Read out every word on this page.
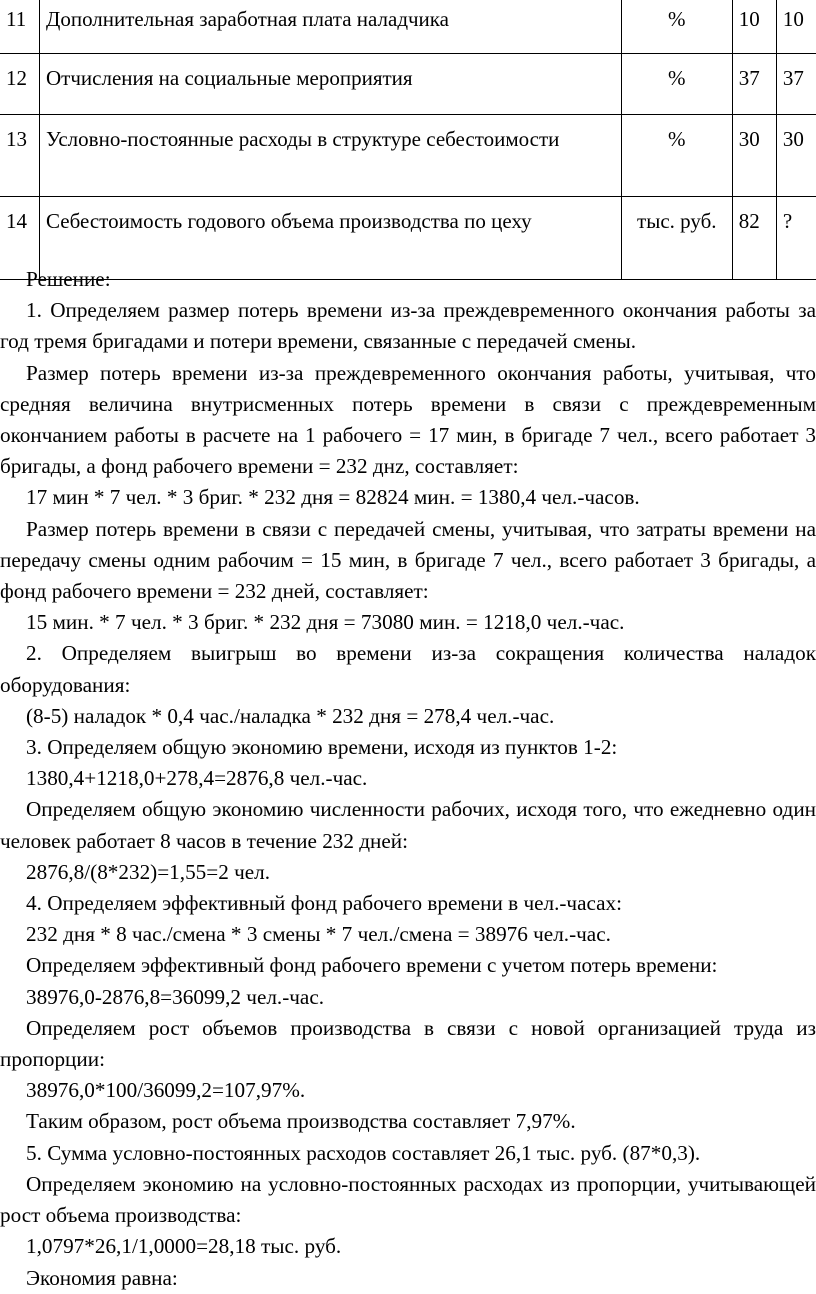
11	Дополнительная заработная плата наладчика	%	10	10
12	Отчисления на социальные мероприятия	%	37	37
13	Условно-постоянные расходы в структуре себестоимости	%	30	30
14	Себестоимость годового объема производства по цеху	тыс. руб.	82	?

Решение:

1. Определяем размер потерь времени из-за преждевременного окончания работы за год тремя бригадами и потери времени, связанные с передачей смены.

Размер потерь времени из-за преждевременного окончания работы, учитывая, что средняя величина внутрисменных потерь времени в связи с преждевременным окончанием работы в расчете на 1 рабочего = 17 мин, в бригаде 7 чел., всего работает 3 бригады, а фонд рабочего времени = 232 днz, составляет:

17 мин * 7 чел. * 3 бриг. * 232 дня = 82824 мин. = 1380,4 чел.-часов.

Размер потерь времени в связи с передачей смены, учитывая, что затраты времени на передачу смены одним рабочим = 15 мин, в бригаде 7 чел., всего работает 3 бригады, а фонд рабочего времени = 232 дней, составляет:

15 мин. * 7 чел. * 3 бриг. * 232 дня = 73080 мин. = 1218,0 чел.-час.

2. Определяем выигрыш во времени из-за сокращения количества наладок оборудования:

(8-5) наладок * 0,4 час./наладка * 232 дня = 278,4 чел.-час.

3. Определяем общую экономию времени, исходя из пунктов 1-2:

1380,4+1218,0+278,4=2876,8 чел.-час.

Определяем общую экономию численности рабочих, исходя того, что ежедневно один человек работает 8 часов в течение 232 дней:

2876,8/(8*232)=1,55=2 чел.

4. Определяем эффективный фонд рабочего времени в чел.-часах:

232 дня * 8 час./смена * 3 смены * 7 чел./смена = 38976 чел.-час.

Определяем эффективный фонд рабочего времени с учетом потерь времени:

38976,0-2876,8=36099,2 чел.-час.

Определяем рост объемов производства в связи с новой организацией труда из пропорции:

38976,0*100/36099,2=107,97%.

Таким образом, рост объема производства составляет 7,97%.

5. Сумма условно-постоянных расходов составляет 26,1 тыс. руб. (87*0,3).

Определяем экономию на условно-постоянных расходах из пропорции, учитывающей рост объема производства:

1,0797*26,1/1,0000=28,18 тыс. руб.

Экономия равна:
